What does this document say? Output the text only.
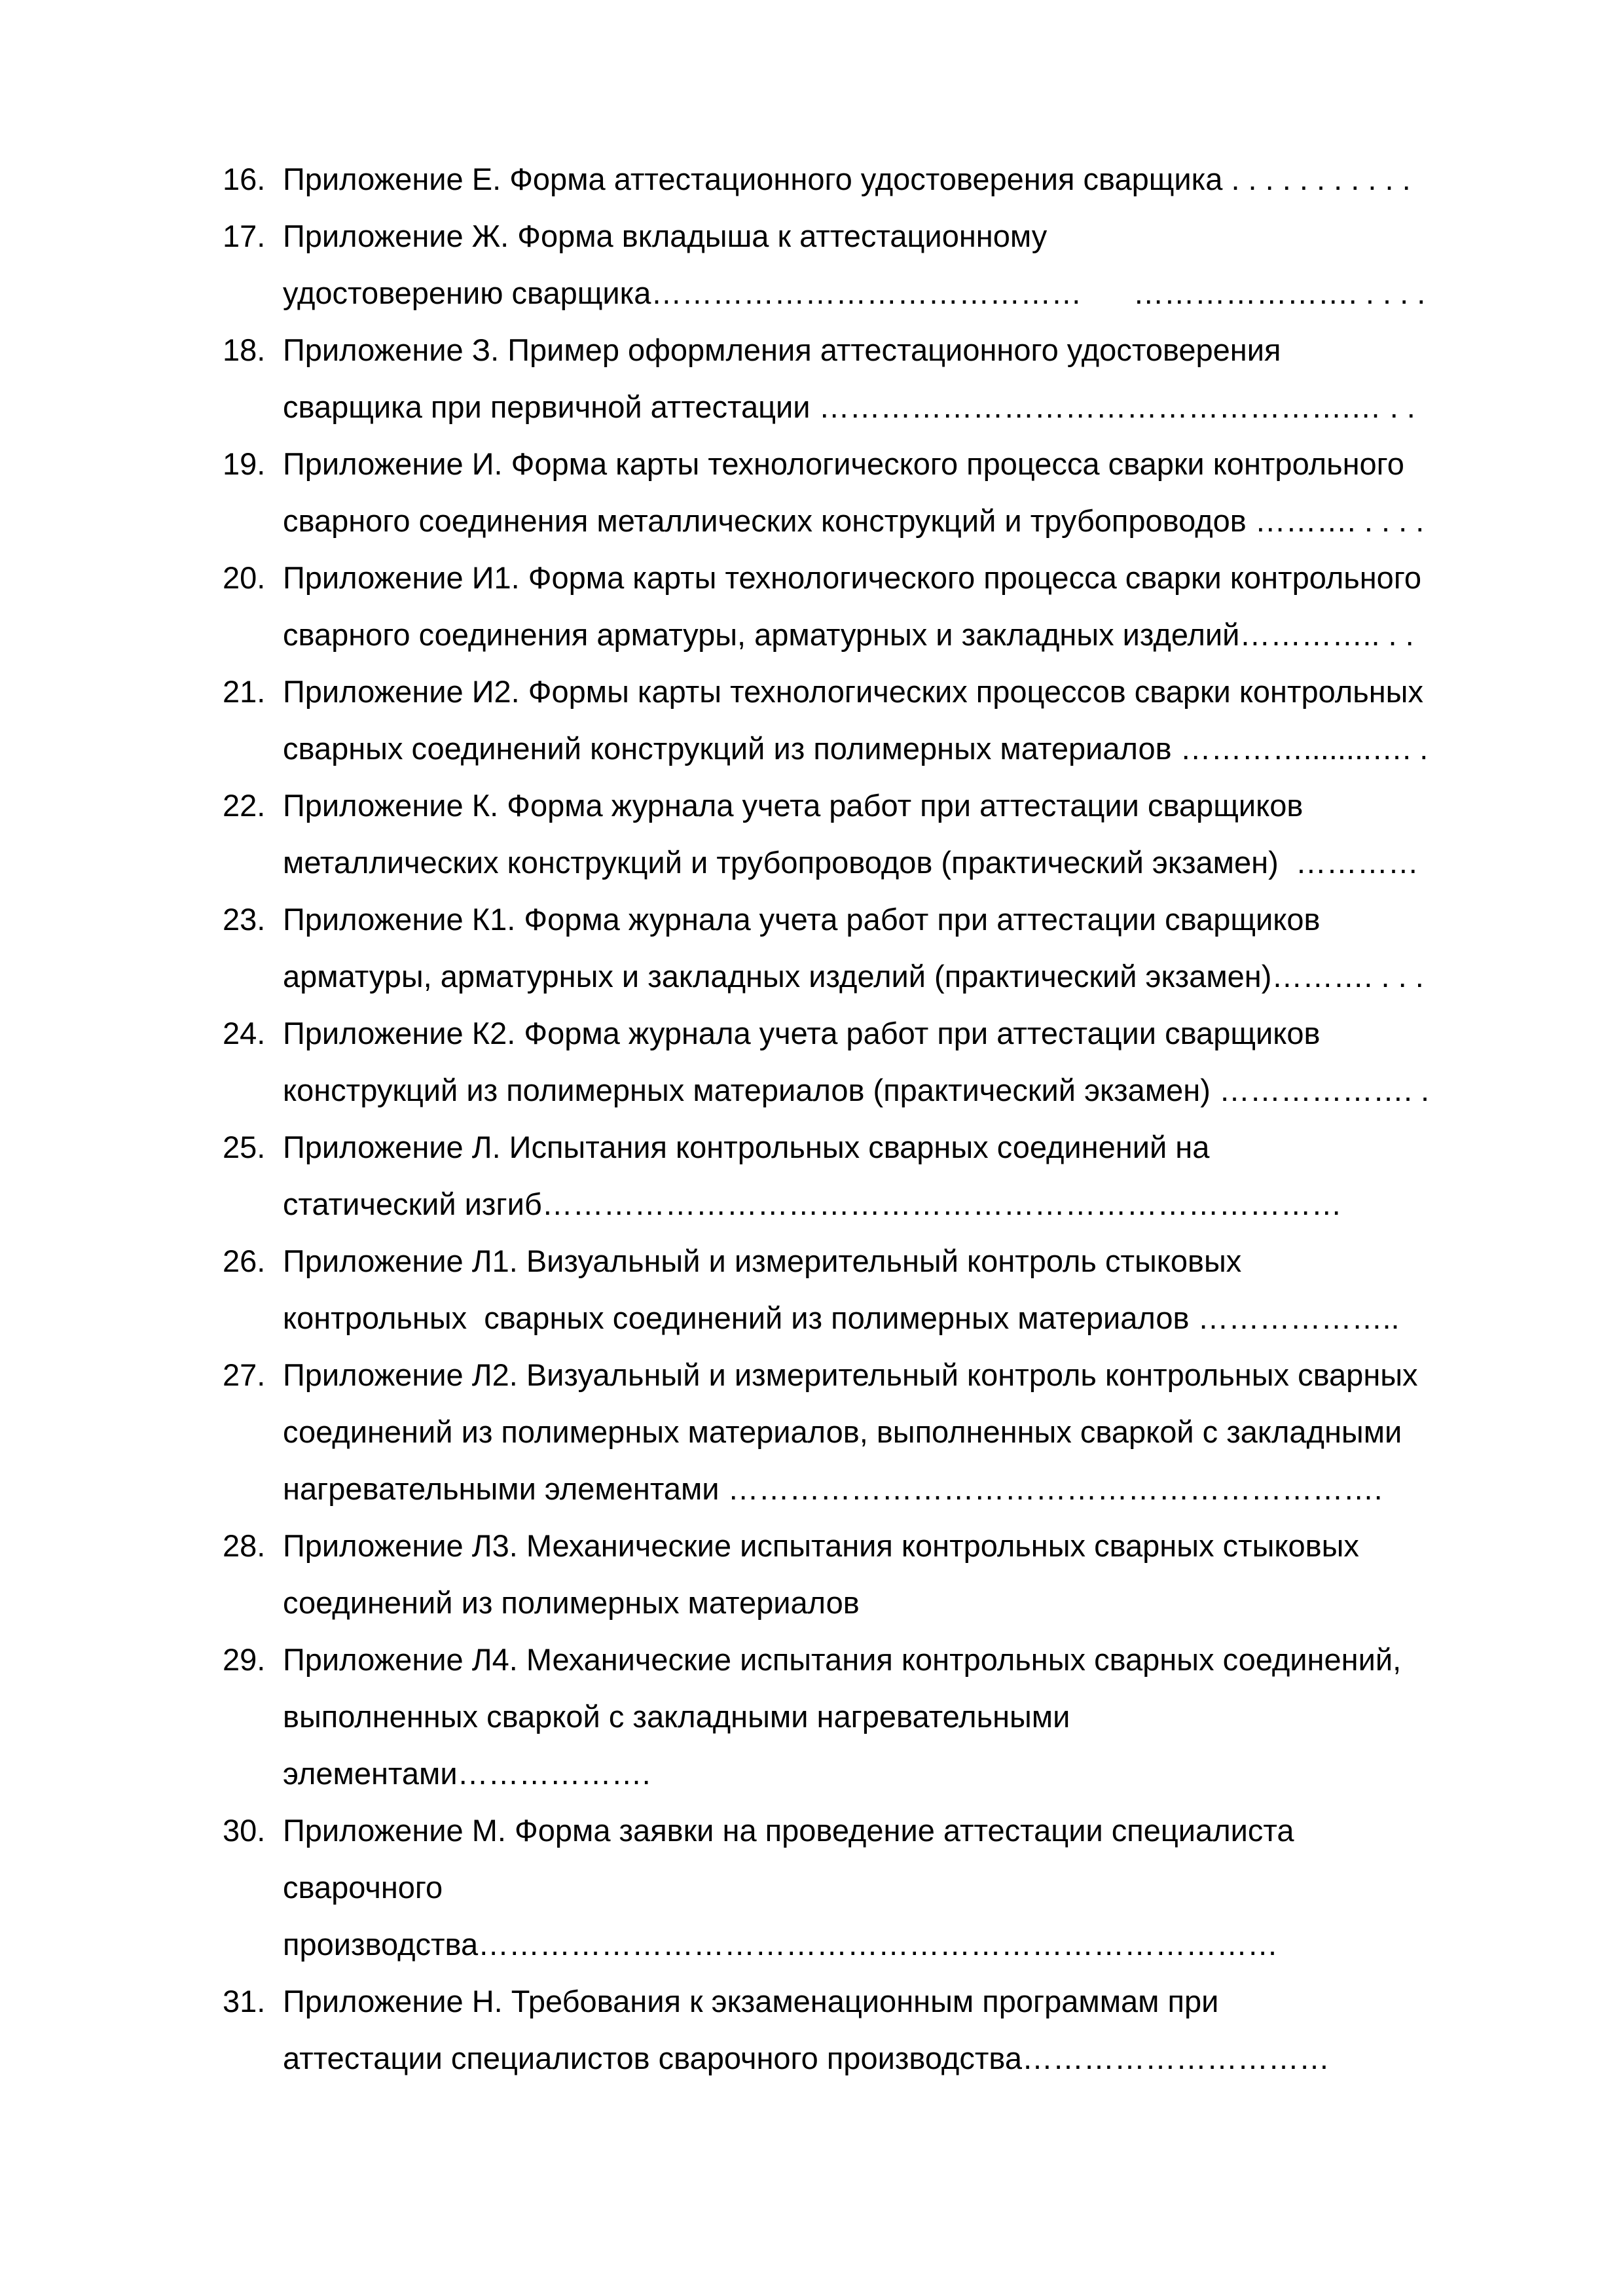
16. Приложение Е. Форма аттестационного удостоверения сварщика . . . . . . . . . . .
17. Приложение Ж. Форма вкладыша к аттестационному
удостоверению сварщика……………………………………      …………………. . . . .
18. Приложение З. Пример оформления аттестационного удостоверения
сварщика при первичной аттестации …………………………………………….… . .
19. Приложение И. Форма карты технологического процесса сварки контрольного
сварного соединения металлических конструкций и трубопроводов ………. . . . .
20. Приложение И1. Форма карты технологического процесса сварки контрольного
сварного соединения арматуры, арматурных и закладных изделий………….. . .
21. Приложение И2. Формы карты технологических процессов сварки контрольных
сварных соединений конструкций из полимерных материалов …………........…. .
22. Приложение К. Форма журнала учета работ при аттестации сварщиков
металлических конструкций и трубопроводов (практический экзамен)  …………
23. Приложение К1. Форма журнала учета работ при аттестации сварщиков
арматуры, арматурных и закладных изделий (практический экзамен)………. . . .
24. Приложение К2. Форма журнала учета работ при аттестации сварщиков
конструкций из полимерных материалов (практический экзамен) ………………. .
25. Приложение Л. Испытания контрольных сварных соединений на
статический изгиб……………………………………………………………………
26. Приложение Л1. Визуальный и измерительный контроль стыковых
контрольных  сварных соединений из полимерных материалов ………………..
27. Приложение Л2. Визуальный и измерительный контроль контрольных сварных
соединений из полимерных материалов, выполненных сваркой с закладными
нагревательными элементами ……………………………………………………….
28. Приложение Л3. Механические испытания контрольных сварных стыковых
соединений из полимерных материалов
29. Приложение Л4. Механические испытания контрольных сварных соединений,
выполненных сваркой с закладными нагревательными
элементами……………….
30. Приложение М. Форма заявки на проведение аттестации специалиста
сварочного
производства……………………………………………………………………
31. Приложение Н. Требования к экзаменационным программам при
аттестации специалистов сварочного производства…………………………
